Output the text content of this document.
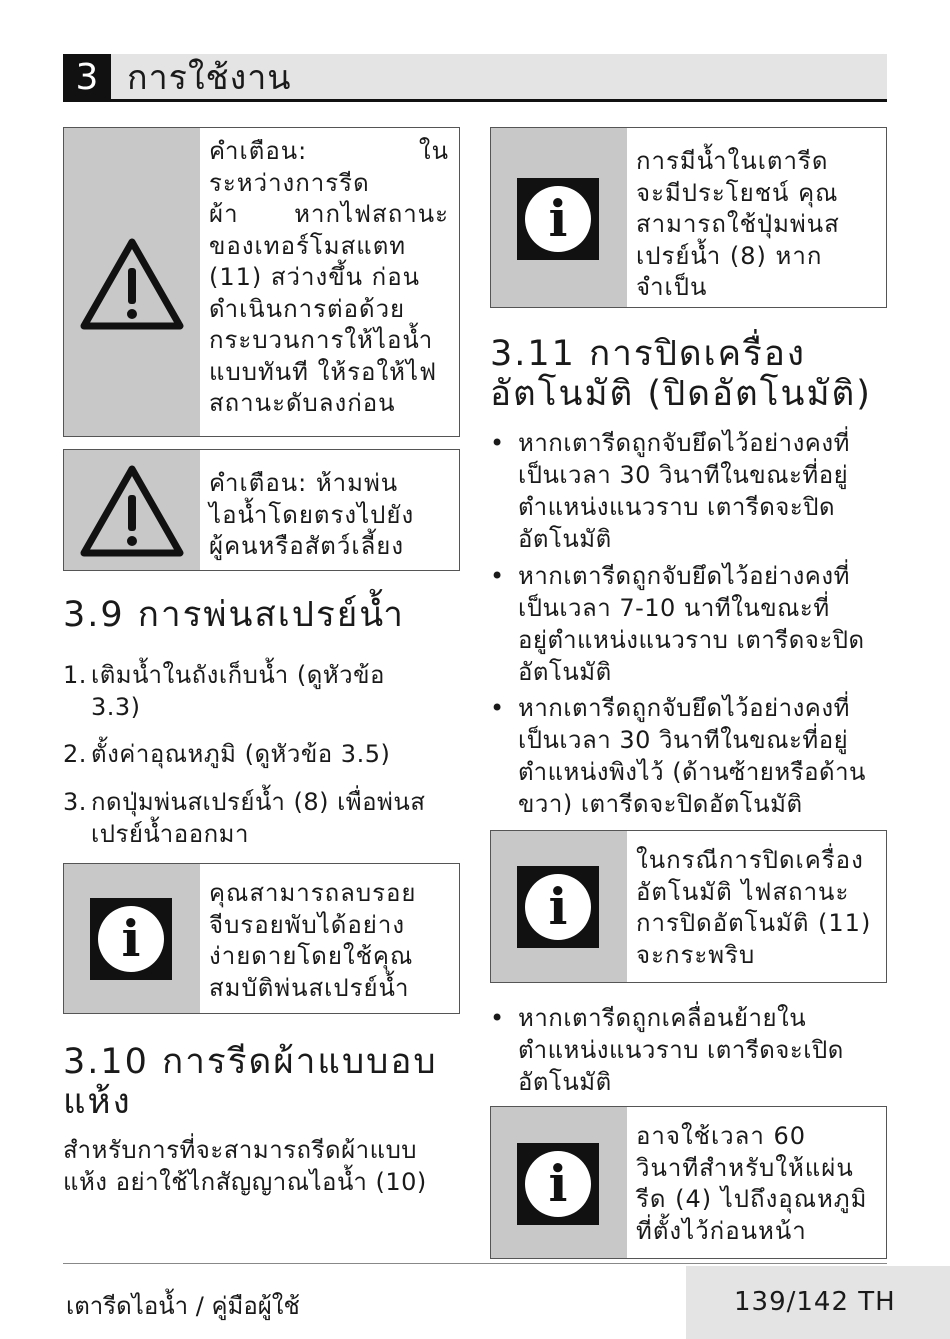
3 การใช้งาน
คำเตือน: ใน
ระหว่างการรีด
ผ้า หากไฟสถานะ
ของเทอร์โมสแตท
(11) สว่างขึ้น ก่อน
ดำเนินการต่อด้วย
กระบวนการให้ไอน้ำ
แบบทันที ให้รอให้ไฟ
สถานะดับลงก่อน
คำเตือน: ห้ามพ่น
ไอน้ำโดยตรงไปยัง
ผู้คนหรือสัตว์เลี้ยง
3.9 การพ่นสเปรย์น้ำ
1. เติมน้ำในถังเก็บน้ำ (ดูหัวข้อ
3.3)
2. ตั้งค่าอุณหภูมิ (ดูหัวข้อ 3.5)
3. กดปุ่มพ่นสเปรย์น้ำ (8) เพื่อพ่นส
เปรย์น้ำออกมา
i
คุณสามารถลบรอย
จีบรอยพับได้อย่าง
ง่ายดายโดยใช้คุณ
สมบัติพ่นสเปรย์น้ำ
3.10 การรีดผ้าแบบอบ
แห้ง
สำหรับการที่จะสามารถรีดผ้าแบบ
แห้ง อย่าใช้ไกสัญญาณไอน้ำ (10)
i
การมีน้ำในเตารีด
จะมีประโยชน์ คุณ
สามารถใช้ปุ่มพ่นส
เปรย์น้ำ (8) หาก
จำเป็น
3.11 การปิดเครื่อง
อัตโนมัติ (ปิดอัตโนมัติ)
• หากเตารีดถูกจับยึดไว้อย่างคงที่
เป็นเวลา 30 วินาทีในขณะที่อยู่
ตำแหน่งแนวราบ เตารีดจะปิด
อัตโนมัติ
• หากเตารีดถูกจับยึดไว้อย่างคงที่
เป็นเวลา 7-10 นาทีในขณะที่
อยู่ตำแหน่งแนวราบ เตารีดจะปิด
อัตโนมัติ
• หากเตารีดถูกจับยึดไว้อย่างคงที่
เป็นเวลา 30 วินาทีในขณะที่อยู่
ตำแหน่งพิงไว้ (ด้านซ้ายหรือด้าน
ขวา) เตารีดจะปิดอัตโนมัติ
i
ในกรณีการปิดเครื่อง
อัตโนมัติ ไฟสถานะ
การปิดอัตโนมัติ (11)
จะกระพริบ
• หากเตารีดถูกเคลื่อนย้ายใน
ตำแหน่งแนวราบ เตารีดจะเปิด
อัตโนมัติ
i
อาจใช้เวลา 60
วินาทีสำหรับให้แผ่น
รีด (4) ไปถึงอุณหภูมิ
ที่ตั้งไว้ก่อนหน้า
เตารีดไอน้ำ / คู่มือผู้ใช้	139/142 TH
